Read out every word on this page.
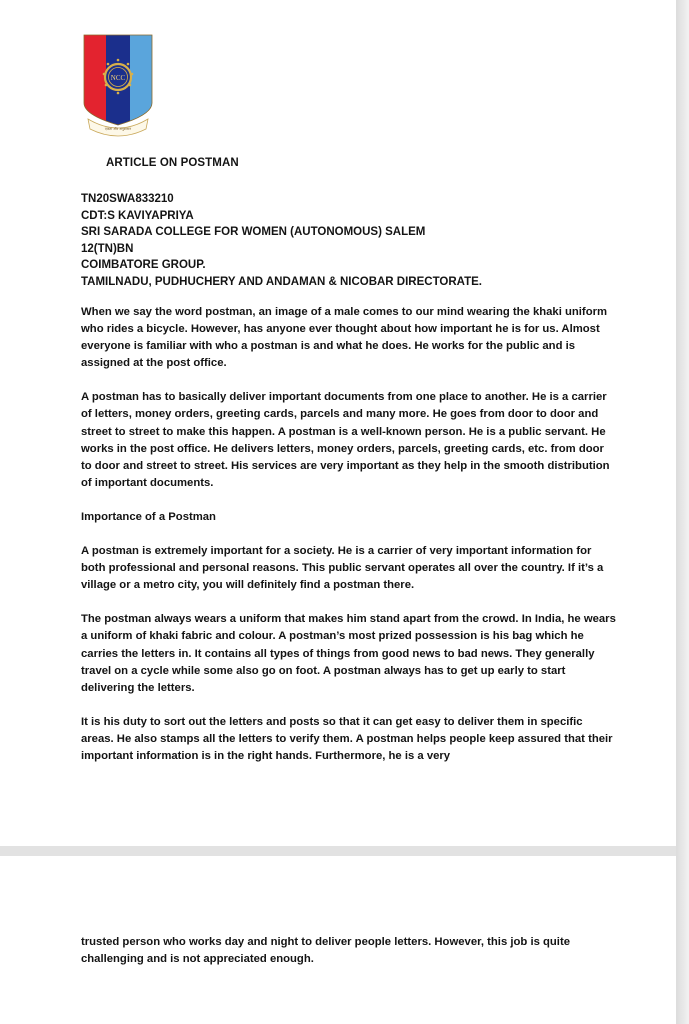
NCC
एकता और अनुशासन
ARTICLE ON POSTMAN
TN20SWA833210
CDT:S KAVIYAPRIYA
SRI SARADA COLLEGE FOR WOMEN (AUTONOMOUS) SALEM
12(TN)BN
COIMBATORE GROUP.
TAMILNADU, PUDHUCHERY AND ANDAMAN & NICOBAR DIRECTORATE.

When we say the word postman, an image of a male comes to our mind wearing the khaki uniform who rides a bicycle. However, has anyone ever thought about how important he is for us. Almost everyone is familiar with who a postman is and what he does. He works for the public and is assigned at the post office.

A postman has to basically deliver important documents from one place to another. He is a carrier of letters, money orders, greeting cards, parcels and many more. He goes from door to door and street to street to make this happen. A postman is a well-known person. He is a public servant. He works in the post office. He delivers letters, money orders, parcels, greeting cards, etc. from door to door and street to street. His services are very important as they help in the smooth distribution of important documents.

Importance of a Postman

A postman is extremely important for a society. He is a carrier of very important information for both professional and personal reasons. This public servant operates all over the country. If it’s a village or a metro city, you will definitely find a postman there.

The postman always wears a uniform that makes him stand apart from the crowd. In India, he wears a uniform of khaki fabric and colour. A postman’s most prized possession is his bag which he carries the letters in. It contains all types of things from good news to bad news. They generally travel on a cycle while some also go on foot. A postman always has to get up early to start delivering the letters.

It is his duty to sort out the letters and posts so that it can get easy to deliver them in specific areas. He also stamps all the letters to verify them. A postman helps people keep assured that their important information is in the right hands. Furthermore, he is a very

trusted person who works day and night to deliver people letters. However, this job is quite challenging and is not appreciated enough.
